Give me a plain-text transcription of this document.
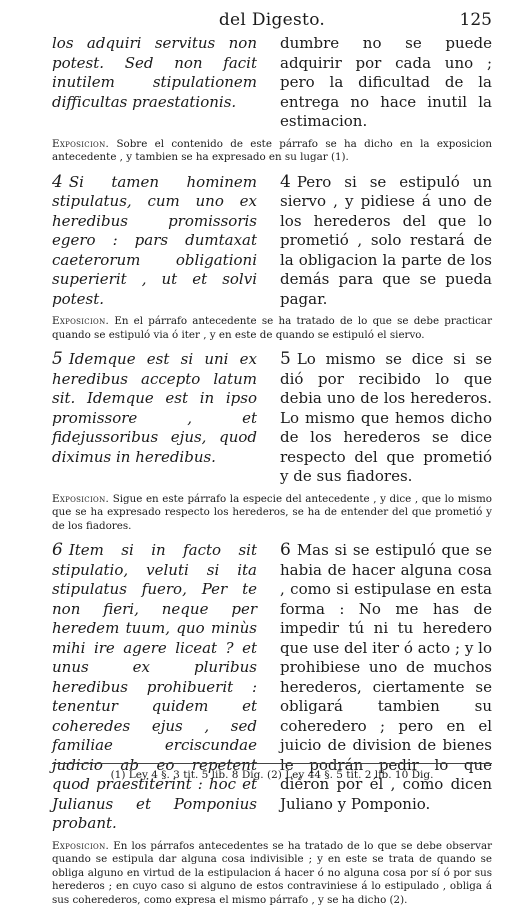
del Digesto.	125
los adquiri servitus non potest. Sed non facit inutilem stipulationem difficultas praestationis.
dumbre no se puede adquirir por cada uno ; pero la dificultad de la entrega no hace inutil la estimacion.
Exposicion. Sobre el contenido de este párrafo se ha dicho en la exposicion antecedente , y tambien se ha expresado en su lugar (1).
4 Si tamen hominem stipulatus, cum uno ex heredibus promissoris egero : pars dumtaxat caeterorum obligationi superierit , ut et solvi potest.
4 Pero si se estipuló un siervo , y pidiese á uno de los herederos del que lo prometió , solo restará de la obligacion la parte de los demás para que se pueda pagar.
Exposicion. En el párrafo antecedente se ha tratado de lo que se debe practicar quando se estipuló via ó iter , y en este de quando se estipuló el siervo.
5 Idemque est si uni ex heredibus accepto latum sit. Idemque est in ipso promissore , et fidejussoribus ejus, quod diximus in heredibus.
5 Lo mismo se dice si se dió por recibido lo que debia uno de los herederos. Lo mismo que hemos dicho de los herederos se dice respecto del que prometió y de sus fiadores.
Exposicion. Sigue en este párrafo la especie del antecedente , y dice , que lo mismo que se ha expresado respecto los herederos, se ha de entender del que prometió y de los fiadores.
6 Item si in facto sit stipulatio, veluti si ita stipulatus fuero, Per te non fieri, neque per heredem tuum, quo minùs mihi ire agere liceat ? et unus ex pluribus heredibus prohibuerit : tenentur quidem et coheredes ejus , sed familiae erciscundae judicio ab eo repetent quod praestiterint : hoc et Julianus et Pomponius probant.
6 Mas si se estipuló que se habia de hacer alguna cosa , como si estipulase en esta forma : No me has de impedir tú ni tu heredero que use del iter ó acto ; y lo prohibiese uno de muchos herederos, ciertamente se obligará tambien su coheredero ; pero en el juicio de division de bienes le podrán pedir lo que diéron por él , como dicen Juliano y Pomponio.
Exposicion. En los párrafos antecedentes se ha tratado de lo que se debe observar quando se estipula dar alguna cosa indivisible ; y en este se trata de quando se obliga alguno en virtud de la estipulacion á hacer ó no alguna cosa por sí ó por sus herederos ; en cuyo caso si alguno de estos contraviniese á lo estipulado , obliga á sus coherederos, como expresa el mismo párrafo , y se ha dicho (2).
(1) Ley 4 §. 3 tit. 5 lib. 8 Dig. (2) Ley 44 §. 5 tit. 2 lib. 10 Dig.
